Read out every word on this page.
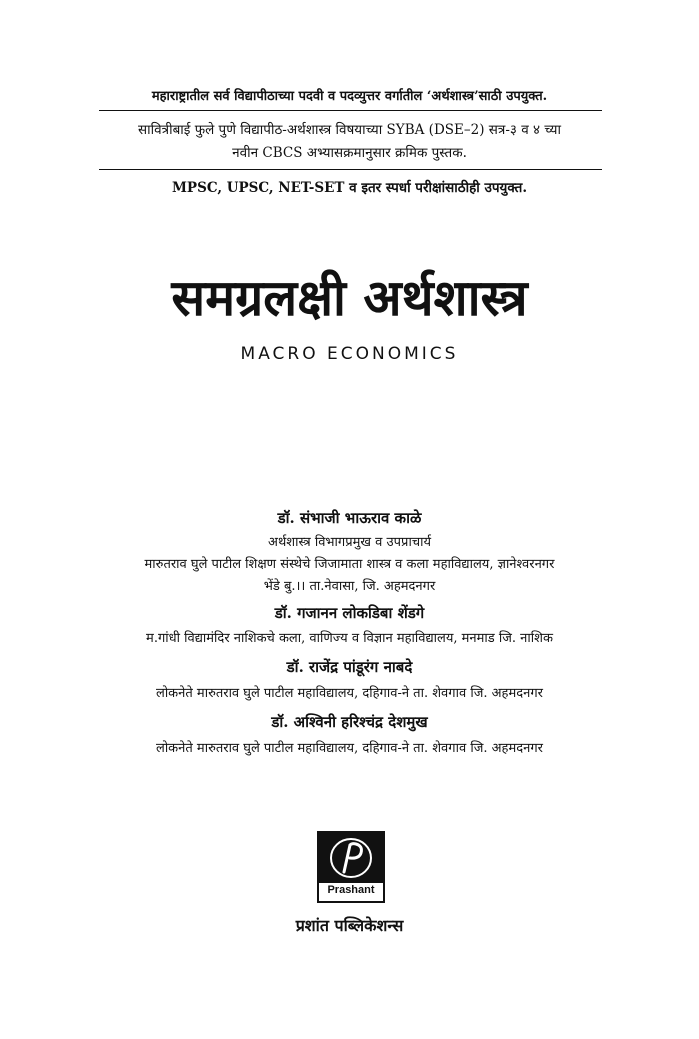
महाराष्ट्रातील सर्व विद्यापीठाच्या पदवी व पदव्युत्तर वर्गातील ‘अर्थशास्त्र’साठी उपयुक्त.
सावित्रीबाई फुले पुणे विद्यापीठ-अर्थशास्त्र विषयाच्या SYBA (DSE–2) सत्र-३ व ४ च्या
नवीन CBCS अभ्यासक्रमानुसार क्रमिक पुस्तक.
MPSC, UPSC, NET-SET व इतर स्पर्धा परीक्षांसाठीही उपयुक्त.
समग्रलक्षी अर्थशास्त्र
MACRO ECONOMICS
डॉ. संभाजी भाऊराव काळे
अर्थशास्त्र विभागप्रमुख व उपप्राचार्य
मारुतराव घुले पाटील शिक्षण संस्थेचे जिजामाता शास्त्र व कला महाविद्यालय, ज्ञानेश्वरनगर
भेंडे बु.।। ता.नेवासा, जि. अहमदनगर
डॉ. गजानन लोकडिबा शेंडगे
म.गांधी विद्यामंदिर नाशिकचे कला, वाणिज्य व विज्ञान महाविद्यालय, मनमाड जि. नाशिक
डॉ. राजेंद्र पांडूरंग नाबदे
लोकनेते मारुतराव घुले पाटील महाविद्यालय, दहिगाव-ने ता. शेवगाव जि. अहमदनगर
डॉ. अश्विनी हरिश्चंद्र देशमुख
लोकनेते मारुतराव घुले पाटील महाविद्यालय, दहिगाव-ने ता. शेवगाव जि. अहमदनगर
Prashant
प्रशांत पब्लिकेशन्स
